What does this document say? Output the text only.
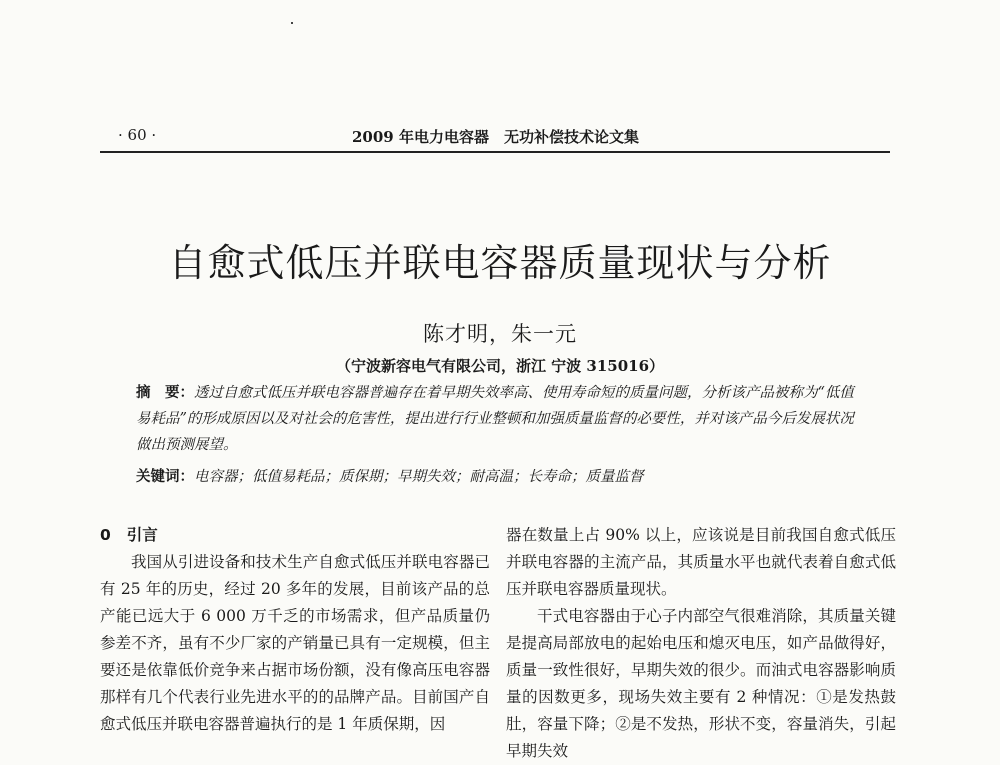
· 60 ·	2009 年电力电容器　无功补偿技术论文集
自愈式低压并联电容器质量现状与分析
陈才明，朱一元
（宁波新容电气有限公司，浙江 宁波 315016）
摘　要：透过自愈式低压并联电容器普遍存在着早期失效率高、使用寿命短的质量问题，分析该产品被称为“低值易耗品”的形成原因以及对社会的危害性，提出进行行业整顿和加强质量监督的必要性，并对该产品今后发展状况做出预测展望。
关键词：电容器；低值易耗品；质保期；早期失效；耐高温；长寿命；质量监督
0 引言

我国从引进设备和技术生产自愈式低压并联电容器已有 25 年的历史，经过 20 多年的发展，目前该产品的总产能已远大于 6 000 万千乏的市场需求，但产品质量仍参差不齐，虽有不少厂家的产销量已具有一定规模，但主要还是依靠低价竞争来占据市场份额，没有像高压电容器那样有几个代表行业先进水平的的品牌产品。目前国产自愈式低压并联电容器普遍执行的是 1 年质保期，因

器在数量上占 90% 以上，应该说是目前我国自愈式低压并联电容器的主流产品，其质量水平也就代表着自愈式低压并联电容器质量现状。

干式电容器由于心子内部空气很难消除，其质量关键是提高局部放电的起始电压和熄灭电压，如产品做得好，质量一致性很好，早期失效的很少。而油式电容器影响质量的因数更多，现场失效主要有 2 种情况：①是发热鼓肚，容量下降；②是不发热，形状不变，容量消失，引起早期失效
